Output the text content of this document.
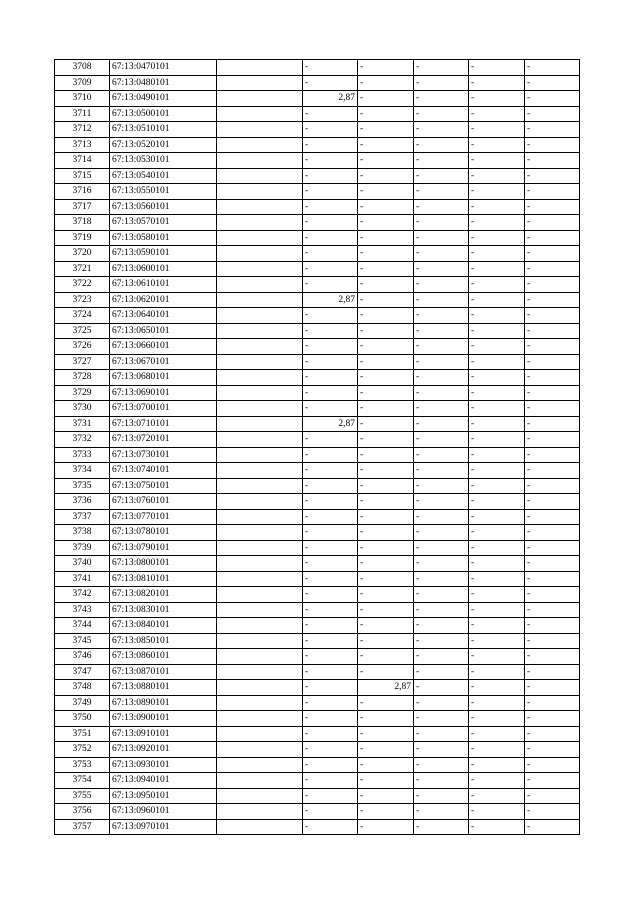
3708	67:13:0470101		-	-	-	-	-
3709	67:13:0480101		-	-	-	-	-
3710	67:13:0490101		2,87	-	-	-	-
3711	67:13:0500101		-	-	-	-	-
3712	67:13:0510101		-	-	-	-	-
3713	67:13:0520101		-	-	-	-	-
3714	67:13:0530101		-	-	-	-	-
3715	67:13:0540101		-	-	-	-	-
3716	67:13:0550101		-	-	-	-	-
3717	67:13:0560101		-	-	-	-	-
3718	67:13:0570101		-	-	-	-	-
3719	67:13:0580101		-	-	-	-	-
3720	67:13:0590101		-	-	-	-	-
3721	67:13:0600101		-	-	-	-	-
3722	67:13:0610101		-	-	-	-	-
3723	67:13:0620101		2,87	-	-	-	-
3724	67:13:0640101		-	-	-	-	-
3725	67:13:0650101		-	-	-	-	-
3726	67:13:0660101		-	-	-	-	-
3727	67:13:0670101		-	-	-	-	-
3728	67:13:0680101		-	-	-	-	-
3729	67:13:0690101		-	-	-	-	-
3730	67:13:0700101		-	-	-	-	-
3731	67:13:0710101		2,87	-	-	-	-
3732	67:13:0720101		-	-	-	-	-
3733	67:13:0730101		-	-	-	-	-
3734	67:13:0740101		-	-	-	-	-
3735	67:13:0750101		-	-	-	-	-
3736	67:13:0760101		-	-	-	-	-
3737	67:13:0770101		-	-	-	-	-
3738	67:13:0780101		-	-	-	-	-
3739	67:13:0790101		-	-	-	-	-
3740	67:13:0800101		-	-	-	-	-
3741	67:13:0810101		-	-	-	-	-
3742	67:13:0820101		-	-	-	-	-
3743	67:13:0830101		-	-	-	-	-
3744	67:13:0840101		-	-	-	-	-
3745	67:13:0850101		-	-	-	-	-
3746	67:13:0860101		-	-	-	-	-
3747	67:13:0870101		-	-	-	-	-
3748	67:13:0880101		-	2,87	-	-	-
3749	67:13:0890101		-	-	-	-	-
3750	67:13:0900101		-	-	-	-	-
3751	67:13:0910101		-	-	-	-	-
3752	67:13:0920101		-	-	-	-	-
3753	67:13:0930101		-	-	-	-	-
3754	67:13:0940101		-	-	-	-	-
3755	67:13:0950101		-	-	-	-	-
3756	67:13:0960101		-	-	-	-	-
3757	67:13:0970101		-	-	-	-	-
